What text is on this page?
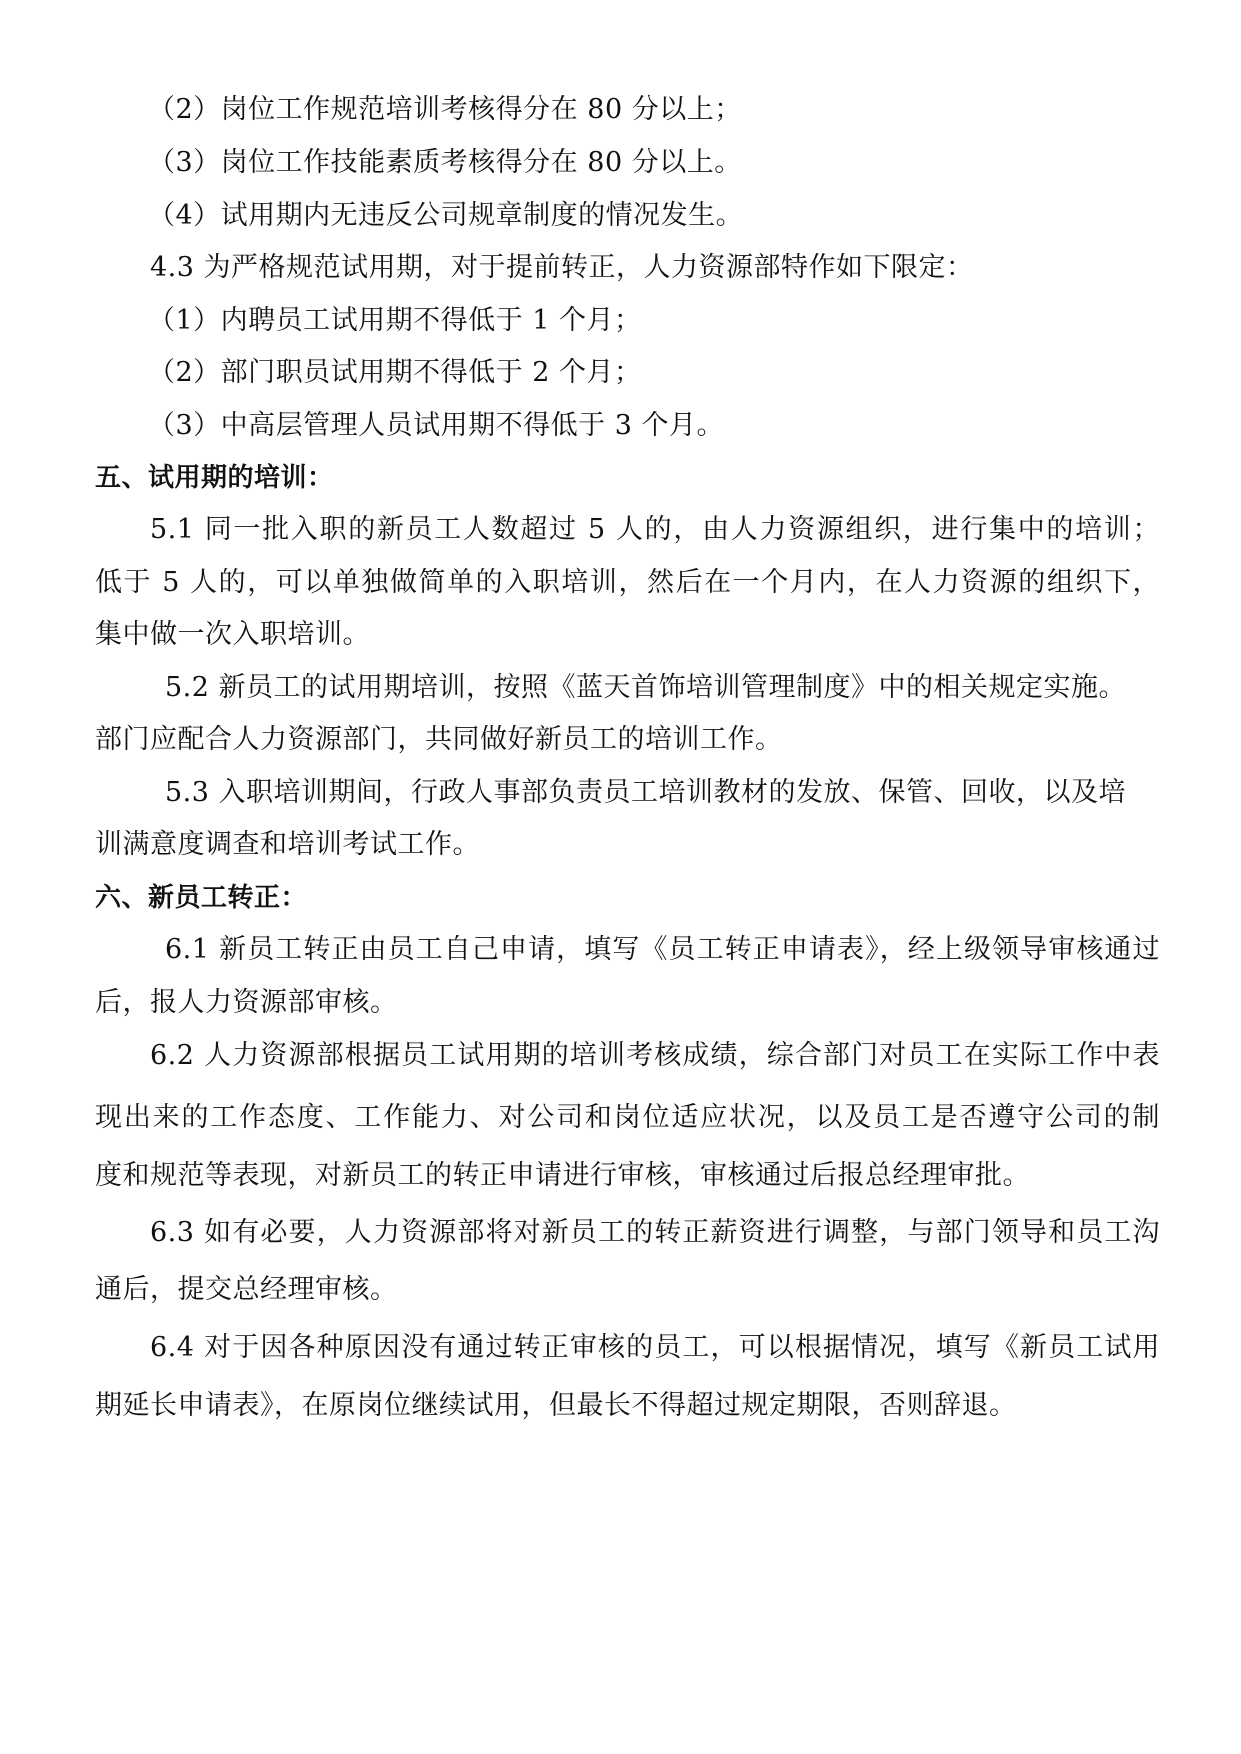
（2）岗位工作规范培训考核得分在 80 分以上；
（3）岗位工作技能素质考核得分在 80 分以上。
（4）试用期内无违反公司规章制度的情况发生。
4.3 为严格规范试用期，对于提前转正，人力资源部特作如下限定：
（1）内聘员工试用期不得低于 1 个月；
（2）部门职员试用期不得低于 2 个月；
（3）中高层管理人员试用期不得低于 3 个月。
五、试用期的培训：
5.1 同一批入职的新员工人数超过 5 人的，由人力资源组织，进行集中的培训；
低于 5 人的，可以单独做简单的入职培训，然后在一个月内，在人力资源的组织下，
集中做一次入职培训。
5.2 新员工的试用期培训，按照《蓝天首饰培训管理制度》中的相关规定实施。
部门应配合人力资源部门，共同做好新员工的培训工作。
5.3 入职培训期间，行政人事部负责员工培训教材的发放、保管、回收，以及培
训满意度调查和培训考试工作。
六、新员工转正：
6.1 新员工转正由员工自己申请，填写《员工转正申请表》，经上级领导审核通过
后，报人力资源部审核。
6.2 人力资源部根据员工试用期的培训考核成绩，综合部门对员工在实际工作中表
现出来的工作态度、工作能力、对公司和岗位适应状况，以及员工是否遵守公司的制
度和规范等表现，对新员工的转正申请进行审核，审核通过后报总经理审批。
6.3 如有必要，人力资源部将对新员工的转正薪资进行调整，与部门领导和员工沟
通后，提交总经理审核。
6.4 对于因各种原因没有通过转正审核的员工，可以根据情况，填写《新员工试用
期延长申请表》，在原岗位继续试用，但最长不得超过规定期限，否则辞退。
